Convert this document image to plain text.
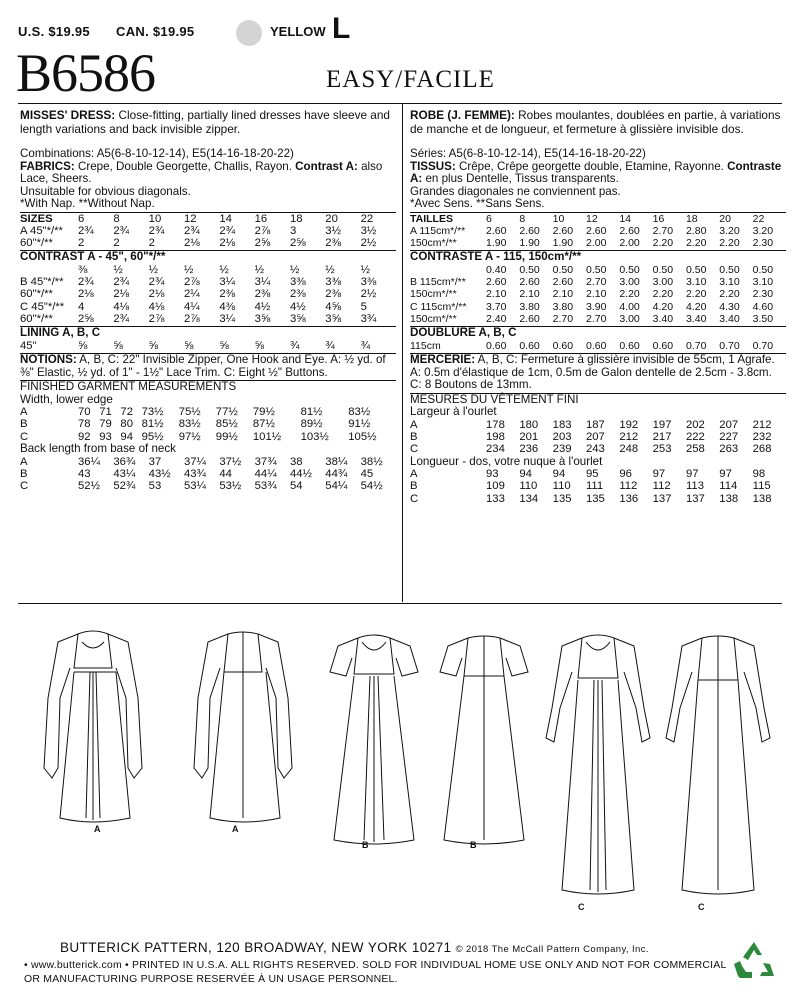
U.S. $19.95 CAN. $19.95	YELLOW L
B6586	EASY/FACILE

MISSES' DRESS: Close-fitting, partially lined dresses have sleeve and length variations and back invisible zipper.

Combinations: A5(6-8-10-12-14), E5(14-16-18-20-22)

FABRICS: Crepe, Double Georgette, Challis, Rayon. Contrast A: also Lace, Sheers.

Unsuitable for obvious diagonals.

*With Nap. **Without Nap.

SIZES	6	8	10	12	14	16	18	20	22
A 45"*/**	2¾	2¾	2¾	2¾	2¾	2⅞	3	3½	3½
60"*/**	2	2	2	2⅛	2⅛	2⅝	2⅝	2⅜	2½
CONTRAST A - 45", 60"*/**
	⅜	½	½	½	½	½	½	½	½
B 45"*/**	2¾	2¾	2¾	2⅞	3¼	3¼	3⅜	3⅜	3⅜
60"*/**	2⅛	2⅛	2⅛	2¼	2⅜	2⅜	2⅜	2⅜	2½
C 45"*/**	4	4⅛	4⅛	4¼	4⅜	4½	4½	4⅝	5
60"*/**	2⅝	2¾	2⅞	2⅞	3¼	3⅝	3⅝	3⅝	3¾
LINING A, B, C
45"	⅝	⅝	⅝	⅝	⅝	⅝	¾	¾	¾

NOTIONS: A, B, C: 22" Invisible Zipper, One Hook and Eye. A: ½ yd. of ⅜" Elastic, ½ yd. of 1" - 1½" Lace Trim. C: Eight ½" Buttons.

FINISHED GARMENT MEASUREMENTS

Width, lower edge

A	70	71	72	73½	75½	77½	79½	81½	83½
B	78	79	80	81½	83½	85½	87½	89½	91½
C	92	93	94	95½	97½	99½	101½	103½	105½

Back length from base of neck

A	36¼	36¾	37	37¼	37½	37¾	38	38¼	38½
B	43	43¼	43½	43¾	44	44¼	44½	44¾	45
C	52½	52¾	53	53¼	53½	53¾	54	54¼	54½

ROBE (J. FEMME): Robes moulantes, doublées en partie, à variations de manche et de longueur, et fermeture à glissière invisible dos.

Séries: A5(6-8-10-12-14), E5(14-16-18-20-22)

TISSUS: Crêpe, Crêpe georgette double, Etamine, Rayonne. Contraste A: en plus Dentelle, Tissus transparents.

Grandes diagonales ne conviennent pas.

*Avec Sens. **Sans Sens.

TAILLES	6	8	10	12	14	16	18	20	22
A 115cm*/**	2.60	2.60	2.60	2.60	2.60	2.70	2.80	3.20	3.20
150cm*/**	1.90	1.90	1.90	2.00	2.00	2.20	2.20	2.20	2.30
CONTRASTE A - 115, 150cm*/**
	0.40	0.50	0.50	0.50	0.50	0.50	0.50	0.50	0.50
B 115cm*/**	2.60	2.60	2.60	2.70	3.00	3.00	3.10	3.10	3.10
150cm*/**	2.10	2.10	2.10	2.10	2.20	2.20	2.20	2.20	2.30
C 115cm*/**	3.70	3.80	3.80	3.90	4.00	4.20	4.20	4.30	4.60
150cm*/**	2.40	2.60	2.70	2.70	3.00	3.40	3.40	3.40	3.50
DOUBLURE A, B, C
115cm	0.60	0.60	0.60	0.60	0.60	0.60	0.70	0.70	0.70

MERCERIE: A, B, C: Fermeture à glissière invisible de 55cm, 1 Agrafe. A: 0.5m d'élastique de 1cm, 0.5m de Galon dentelle de 2.5cm - 3.8cm. C: 8 Boutons de 13mm.

MESURES DU VÊTEMENT FINI

Largeur à l'ourlet

A	178	180	183	187	192	197	202	207	212
B	198	201	203	207	212	217	222	227	232
C	234	236	239	243	248	253	258	263	268

Longueur - dos, votre nuque à l'ourlet

A	93	94	94	95	96	97	97	97	98
B	109	110	110	111	112	112	113	114	115
C	133	134	135	135	136	137	137	138	138
A	A
B	B
C	C
BUTTERICK PATTERN, 120 BROADWAY, NEW YORK 10271 © 2018 The McCall Pattern Company, Inc.
• www.butterick.com • PRINTED IN U.S.A. ALL RIGHTS RESERVED. SOLD FOR INDIVIDUAL HOME USE ONLY AND NOT FOR COMMERCIAL
OR MANUFACTURING PURPOSE RESERVÉE À UN USAGE PERSONNEL.
